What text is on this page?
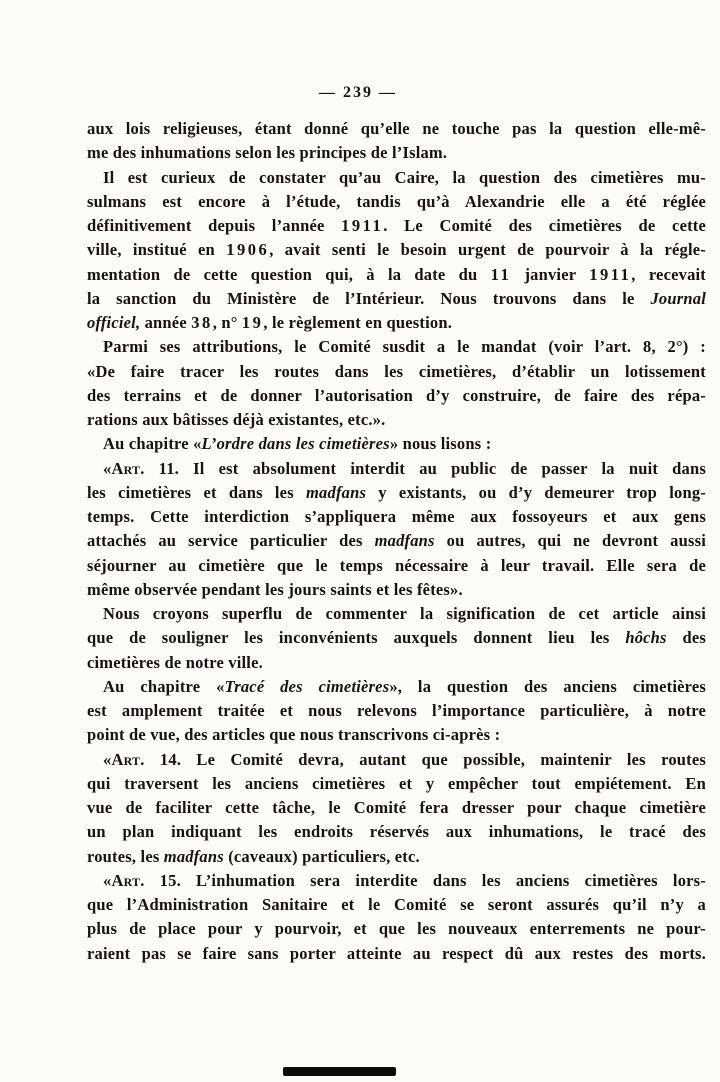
— 239 —
aux lois religieuses, étant donné qu’elle ne touche pas la question elle-mê-
me des inhumations selon les principes de l’Islam.
Il est curieux de constater qu’au Caire, la question des cimetières mu-
sulmans est encore à l’étude, tandis qu’à Alexandrie elle a été réglée
définitivement depuis l’année 1911. Le Comité des cimetières de cette
ville, institué en 1906, avait senti le besoin urgent de pourvoir à la régle-
mentation de cette question qui, à la date du 11 janvier 1911, recevait
la sanction du Ministère de l’Intérieur. Nous trouvons dans le Journal
officiel, année 38, n° 19, le règlement en question.
Parmi ses attributions, le Comité susdit a le mandat (voir l’art. 8, 2°) :
«De faire tracer les routes dans les cimetières, d’établir un lotissement
des terrains et de donner l’autorisation d’y construire, de faire des répa-
rations aux bâtisses déjà existantes, etc.».
Au chapitre «L’ordre dans les cimetières» nous lisons :
«Art. 11. Il est absolument interdit au public de passer la nuit dans
les cimetières et dans les madfans y existants, ou d’y demeurer trop long-
temps. Cette interdiction s’appliquera même aux fossoyeurs et aux gens
attachés au service particulier des madfans ou autres, qui ne devront aussi
séjourner au cimetière que le temps nécessaire à leur travail. Elle sera de
même observée pendant les jours saints et les fêtes».
Nous croyons superflu de commenter la signification de cet article ainsi
que de souligner les inconvénients auxquels donnent lieu les hôchs des
cimetières de notre ville.
Au chapitre «Tracé des cimetières», la question des anciens cimetières
est amplement traitée et nous relevons l’importance particulière, à notre
point de vue, des articles que nous transcrivons ci-après :
«Art. 14. Le Comité devra, autant que possible, maintenir les routes
qui traversent les anciens cimetières et y empêcher tout empiétement. En
vue de faciliter cette tâche, le Comité fera dresser pour chaque cimetière
un plan indiquant les endroits réservés aux inhumations, le tracé des
routes, les madfans (caveaux) particuliers, etc.
«Art. 15. L’inhumation sera interdite dans les anciens cimetières lors-
que l’Administration Sanitaire et le Comité se seront assurés qu’il n’y a
plus de place pour y pourvoir, et que les nouveaux enterrements ne pour-
raient pas se faire sans porter atteinte au respect dû aux restes des morts.
